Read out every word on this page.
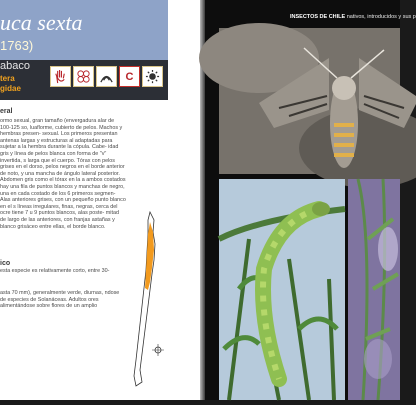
uca sexta
1763)
abaco
tera
gidae
C
eral
ormo sexual, gran tamaño (envergadura alar de 100-125 so, luaflorme, cubierto de pelos. Machos y hembras presen- sexual. Los primeros presentan antenas largas y estructuras al adaptadas para sujetar a la hembra durante la cópula. Cabe- idad gris y línea de pelos blanca con forma de "v" invertida, s larga que el cuerpo. Tórax con pelos grises en el dorso, pelos negros en el borde anterior de noto, y una mancha de ángulo lateral posterior. Abdomen gris como el tórax en la a ambos costados hay una fila de puntos blancos y manchas de negro, una en cada costado de los 6 primeros segmen- Alas anteriores grises, con un pequeño punto blanco en el s líneas irregulares, finas, negras, cerca del ocre tiene 7 u 9 puntos blancos, alas poste- mitad de largo de las anteriores, con franjas astañas y blanco grisáceo entre ellas, el borde blanco.
ico
esta especie es relativamente corto, entre 30-
asta 70 mm), generalmente verde, diurnas, ndose de especies de Solanáceas. Adultos ores alimentándose sobre flores de un amplio
INSECTOS DE CHILE nativos, introducidos y sus p
